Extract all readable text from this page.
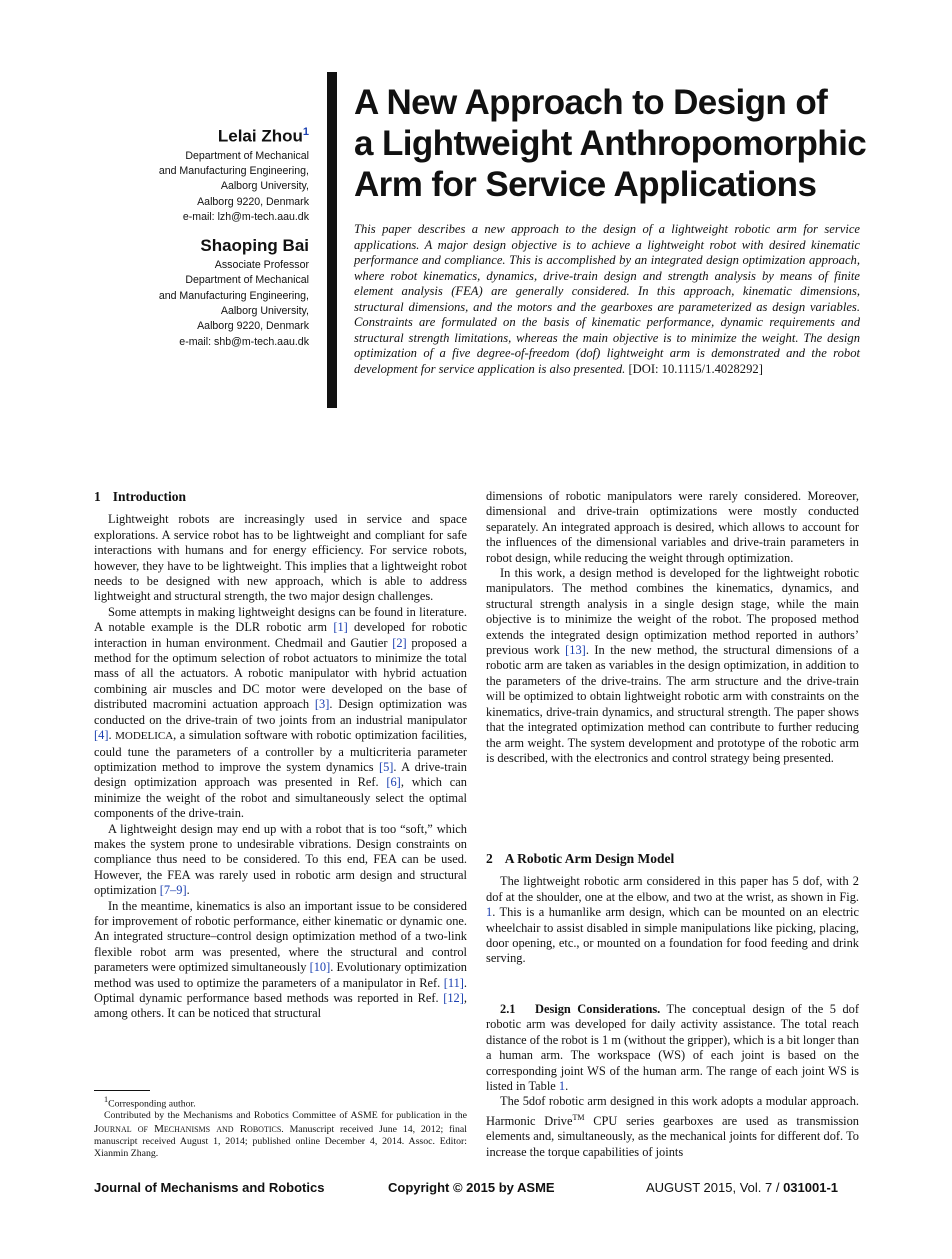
Lelai Zhou$^1$
Department of Mechanical
and Manufacturing Engineering,
Aalborg University,
Aalborg 9220, Denmark
e-mail: lzh@m-tech.aau.dk
Shaoping Bai
Associate Professor
Department of Mechanical
and Manufacturing Engineering,
Aalborg University,
Aalborg 9220, Denmark
e-mail: shb@m-tech.aau.dk
A New Approach to Design of
a Lightweight Anthropomorphic
Arm for Service Applications
This paper describes a new approach to the design of a lightweight robotic arm for service applications. A major design objective is to achieve a lightweight robot with desired kinematic performance and compliance. This is accomplished by an integrated design optimization approach, where robot kinematics, dynamics, drive-train design and strength analysis by means of finite element analysis (FEA) are generally considered. In this approach, kinematic dimensions, structural dimensions, and the motors and the gearboxes are parameterized as design variables. Constraints are formulated on the basis of kinematic performance, dynamic requirements and structural strength limitations, whereas the main objective is to minimize the weight. The design optimization of a five degree-of-freedom (dof) lightweight arm is demonstrated and the robot development for service application is also presented. [DOI: 10.1115/1.4028292]
1 Introduction

Lightweight robots are increasingly used in service and space explorations. A service robot has to be lightweight and compliant for safe interactions with humans and for energy efficiency. For service robots, however, they have to be lightweight. This implies that a lightweight robot needs to be designed with new approach, which is able to address lightweight and structural strength, the two major design challenges.

Some attempts in making lightweight designs can be found in literature. A notable example is the DLR robotic arm [1] developed for robotic interaction in human environment. Chedmail and Gautier [2] proposed a method for the optimum selection of robot actuators to minimize the total mass of all the actuators. A robotic manipulator with hybrid actuation combining air muscles and DC motor were developed on the base of distributed macromini actuation approach [3]. Design optimization was conducted on the drive-train of two joints from an industrial manipulator [4]. MODELICA, a simulation software with robotic optimization facilities, could tune the parameters of a controller by a multicriteria parameter optimization method to improve the system dynamics [5]. A drive-train design optimization approach was presented in Ref. [6], which can minimize the weight of the robot and simultaneously select the optimal components of the drive-train.

A lightweight design may end up with a robot that is too “soft,” which makes the system prone to undesirable vibrations. Design constraints on compliance thus need to be considered. To this end, FEA can be used. However, the FEA was rarely used in robotic arm design and structural optimization [7–9].

In the meantime, kinematics is also an important issue to be considered for improvement of robotic performance, either kinematic or dynamic one. An integrated structure–control design optimization method of a two-link flexible robot arm was presented, where the structural and control parameters were optimized simultaneously [10]. Evolutionary optimization method was used to optimize the parameters of a manipulator in Ref. [11]. Optimal dynamic performance based methods was reported in Ref. [12], among others. It can be noticed that structural

$^1$Corresponding author.

Contributed by the Mechanisms and Robotics Committee of ASME for publication in the Journal of Mechanisms and Robotics. Manuscript received June 14, 2012; final manuscript received August 1, 2014; published online December 4, 2014. Assoc. Editor: Xianmin Zhang.

dimensions of robotic manipulators were rarely considered. Moreover, dimensional and drive-train optimizations were mostly conducted separately. An integrated approach is desired, which allows to account for the influences of the dimensional variables and drive-train parameters in robot design, while reducing the weight through optimization.

In this work, a design method is developed for the lightweight robotic manipulators. The method combines the kinematics, dynamics, and structural strength analysis in a single design stage, while the main objective is to minimize the weight of the robot. The proposed method extends the integrated design optimization method reported in authors’ previous work [13]. In the new method, the structural dimensions of a robotic arm are taken as variables in the design optimization, in addition to the parameters of the drive-trains. The arm structure and the drive-train will be optimized to obtain lightweight robotic arm with constraints on the kinematics, drive-train dynamics, and structural strength. The paper shows that the integrated optimization method can contribute to further reducing the arm weight. The system development and prototype of the robotic arm is described, with the electronics and control strategy being presented.

2 A Robotic Arm Design Model

The lightweight robotic arm considered in this paper has 5 dof, with 2 dof at the shoulder, one at the elbow, and two at the wrist, as shown in Fig. 1. This is a humanlike arm design, which can be mounted on an electric wheelchair to assist disabled in simple manipulations like picking, placing, door opening, etc., or mounted on a foundation for food feeding and drink serving.

2.1 Design Considerations. The conceptual design of the 5 dof robotic arm was developed for daily activity assistance. The total reach distance of the robot is 1 m (without the gripper), which is a bit longer than a human arm. The workspace (WS) of each joint is based on the corresponding joint WS of the human arm. The range of each joint WS is listed in Table 1.

The 5dof robotic arm designed in this work adopts a modular approach. Harmonic Drive™ CPU series gearboxes are used as transmission elements and, simultaneously, as the mechanical joints for different dof. To increase the torque capabilities of joints

Journal of Mechanisms and Robotics	Copyright © 2015 by ASME	AUGUST 2015, Vol. 7 / 031001-1
